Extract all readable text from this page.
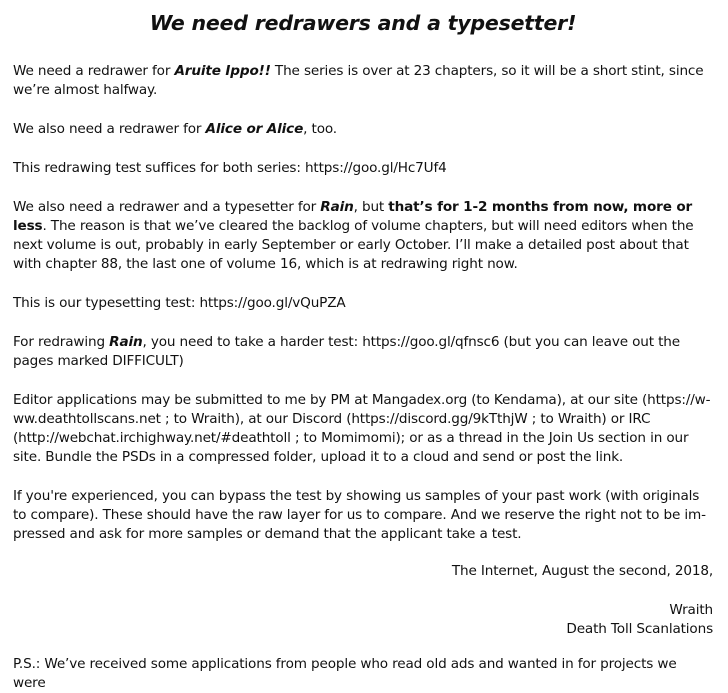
We need redrawers and a typesetter!

We need a redrawer for Aruite Ippo!! The series is over at 23 chapters, so it will be a short stint, since we’re almost halfway.

We also need a redrawer for Alice or Alice, too.

This redrawing test suffices for both series: https://goo.gl/Hc7Uf4

We also need a redrawer and a typesetter for Rain, but that’s for 1-2 months from now, more or less. The reason is that we’ve cleared the backlog of volume chapters, but will need editors when the next volume is out, probably in early September or early October. I’ll make a detailed post about that with chapter 88, the last one of volume 16, which is at redrawing right now.

This is our typesetting test: https://goo.gl/vQuPZA

For redrawing Rain, you need to take a harder test: https://goo.gl/qfnsc6 (but you can leave out the pages marked DIFFICULT)

Editor applications may be submitted to me by PM at Mangadex.org (to Kendama), at our site (https://www.deathtollscans.net ; to Wraith), at our Discord (https://discord.gg/9kTthjW ; to Wraith) or IRC (http://webchat.irchighway.net/#deathtoll ; to Momimomi); or as a thread in the Join Us section in our site. Bundle the PSDs in a compressed folder, upload it to a cloud and send or post the link.

If you're experienced, you can bypass the test by showing us samples of your past work (with originals to compare). These should have the raw layer for us to compare. And we reserve the right not to be impressed and ask for more samples or demand that the applicant take a test.

The Internet, August the second, 2018,

Wraith
Death Toll Scanlations

P.S.: We’ve received some applications from people who read old ads and wanted in for projects we were
